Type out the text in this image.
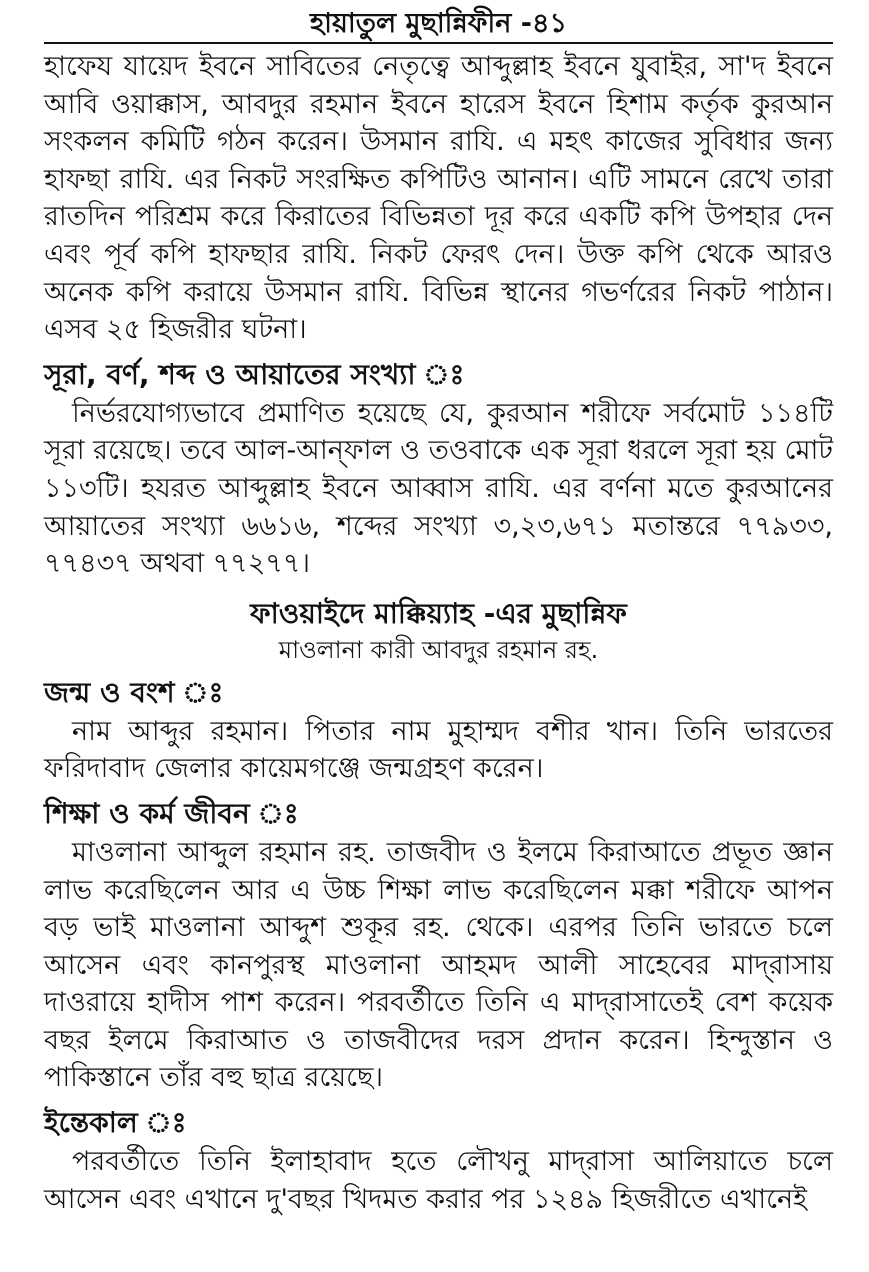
হায়াতুল মুছান্নিফীন -৪১

হাফেয যায়েদ ইবনে সাবিতের নেতৃত্বে আব্দুল্লাহ ইবনে যুবাইর, সা'দ ইবনে আবি ওয়াক্কাস, আবদুর রহমান ইবনে হারেস ইবনে হিশাম কর্তৃক কুরআন সংকলন কমিটি গঠন করেন। উসমান রাযি. এ মহৎ কাজের সুবিধার জন্য হাফছা রাযি. এর নিকট সংরক্ষিত কপিটিও আনান। এটি সামনে রেখে তারা রাতদিন পরিশ্রম করে কিরাতের বিভিন্নতা দূর করে একটি কপি উপহার দেন এবং পূর্ব কপি হাফছার রাযি. নিকট ফেরৎ দেন। উক্ত কপি থেকে আরও অনেক কপি করায়ে উসমান রাযি. বিভিন্ন স্থানের গভর্ণরের নিকট পাঠান। এসব ২৫ হিজরীর ঘটনা।

সূরা, বর্ণ, শব্দ ও আয়াতের সংখ্যা ঃ

নির্ভরযোগ্যভাবে প্রমাণিত হয়েছে যে, কুরআন শরীফে সর্বমোট ১১৪টি সূরা রয়েছে। তবে আল-আন্‌ফাল ও তওবাকে এক সূরা ধরলে সূরা হয় মোট ১১৩টি। হযরত আব্দুল্লাহ ইবনে আব্বাস রাযি. এর বর্ণনা মতে কুরআনের আয়াতের সংখ্যা ৬৬১৬, শব্দের সংখ্যা ৩,২৩,৬৭১ মতান্তরে ৭৭৯৩৩, ৭৭৪৩৭ অথবা ৭৭২৭৭।

ফাওয়াইদে মাক্কিয়্যাহ -এর মুছান্নিফ
মাওলানা কারী আবদুর রহমান রহ.
জন্ম ও বংশ ঃ

নাম আব্দুর রহমান। পিতার নাম মুহাম্মদ বশীর খান। তিনি ভারতের ফরিদাবাদ জেলার কায়েমগঞ্জে জন্মগ্রহণ করেন।

শিক্ষা ও কর্ম জীবন ঃ

মাওলানা আব্দুল রহমান রহ. তাজবীদ ও ইলমে কিরাআতে প্রভূত জ্ঞান লাভ করেছিলেন আর এ উচ্চ শিক্ষা লাভ করেছিলেন মক্কা শরীফে আপন বড় ভাই মাওলানা আব্দুশ শুকূর রহ. থেকে। এরপর তিনি ভারতে চলে আসেন এবং কানপুরস্থ মাওলানা আহমদ আলী সাহেবের মাদ্‌রাসায় দাওরায়ে হাদীস পাশ করেন। পরবর্তীতে তিনি এ মাদ্‌রাসাতেই বেশ কয়েক বছর ইলমে কিরাআত ও তাজবীদের দরস প্রদান করেন। হিন্দুস্তান ও পাকিস্তানে তাঁর বহু ছাত্র রয়েছে।

ইন্তেকাল ঃ

পরবর্তীতে তিনি ইলাহাবাদ হতে লৌখনু মাদ্‌রাসা আলিয়াতে চলে আসেন এবং এখানে দু'বছর খিদমত করার পর ১২৪৯ হিজরীতে এখানেই
